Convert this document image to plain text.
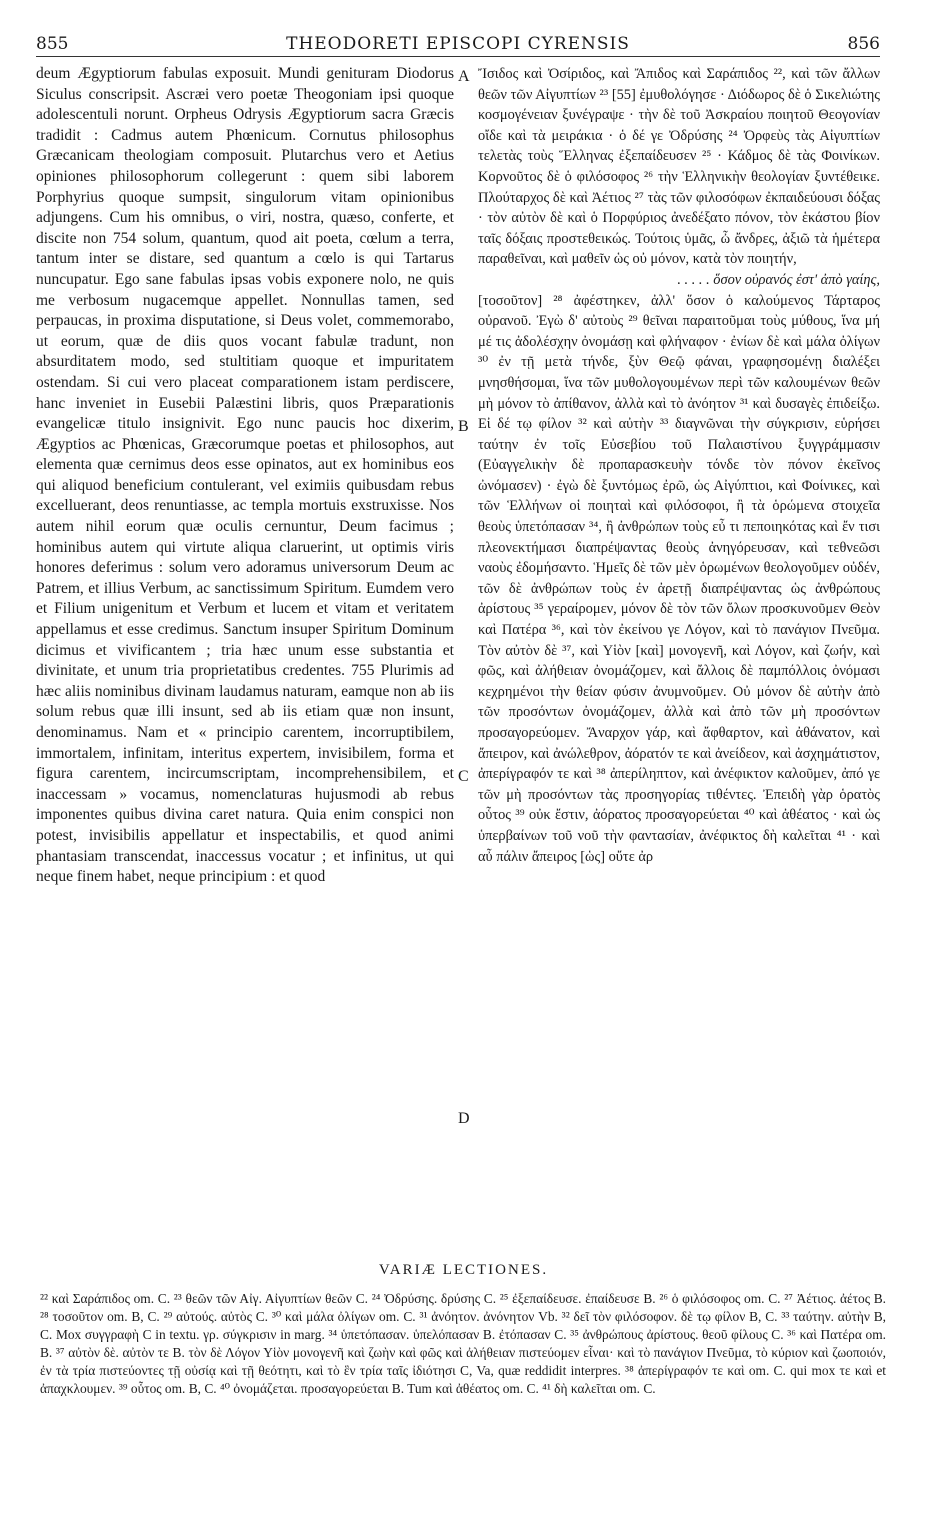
855	THEODORETI EPISCOPI CYRENSIS	856

deum Ægyptiorum fabulas exposuit. Mundi genituram Diodorus Siculus conscripsit. Ascræi vero poetæ Theogoniam ipsi quoque adolescentuli norunt. Orpheus Odrysis Ægyptiorum sacra Græcis tradidit : Cadmus autem Phœnicum. Cornutus philosophus Græcanicam theologiam composuit. Plutarchus vero et Aetius opiniones philosophorum collegerunt : quem sibi laborem Porphyrius quoque sumpsit, singulorum vitam opinionibus adjungens. Cum his omnibus, o viri, nostra, quæso, conferte, et discite non 754 solum, quantum, quod ait poeta, cœlum a terra, tantum inter se distare, sed quantum a cœlo is qui Tartarus nuncupatur. Ego sane fabulas ipsas vobis exponere nolo, ne quis me verbosum nugacemque appellet. Nonnullas tamen, sed perpaucas, in proxima disputatione, si Deus volet, commemorabo, ut eorum, quæ de diis quos vocant fabulæ tradunt, non absurditatem modo, sed stultitiam quoque et impuritatem ostendam. Si cui vero placeat comparationem istam perdiscere, hanc inveniet in Eusebii Palæstini libris, quos Præparationis evangelicæ titulo insignivit. Ego nunc paucis hoc dixerim, Ægyptios ac Phœnicas, Græcorumque poetas et philosophos, aut elementa quæ cernimus deos esse opinatos, aut ex hominibus eos qui aliquod beneficium contulerant, vel eximiis quibusdam rebus excelluerant, deos renuntiasse, ac templa mortuis exstruxisse. Nos autem nihil eorum quæ oculis cernuntur, Deum facimus ; hominibus autem qui virtute aliqua claruerint, ut optimis viris honores deferimus : solum vero adoramus universorum Deum ac Patrem, et illius Verbum, ac sanctissimum Spiritum. Eumdem vero et Filium unigenitum et Verbum et lucem et vitam et veritatem appellamus et esse credimus. Sanctum insuper Spiritum Dominum dicimus et vivificantem ; tria hæc unum esse substantia et divinitate, et unum tria proprietatibus credentes. 755 Plurimis ad hæc aliis nominibus divinam laudamus naturam, eamque non ab iis solum rebus quæ illi insunt, sed ab iis etiam quæ non insunt, denominamus. Nam et « principio carentem, incorruptibilem, immortalem, infinitam, interitus expertem, invisibilem, forma et figura carentem, incircumscriptam, incomprehensibilem, et inaccessam » vocamus, nomenclaturas hujusmodi ab rebus imponentes quibus divina caret natura. Quia enim conspici non potest, invisibilis appellatur et inspectabilis, et quod animi phantasiam transcendat, inaccessus vocatur ; et infinitus, ut qui neque finem habet, neque principium : et quod

A
B
C
D

Ἴσιδος καὶ Ὀσίριδος, καὶ Ἄπιδος καὶ Σαράπιδος ²², καὶ τῶν ἄλλων θεῶν τῶν Αἰγυπτίων ²³ [55] ἐμυθολόγησε · Διόδωρος δὲ ὁ Σικελιώτης κοσμογένειαν ξυνέγραψε · τὴν δὲ τοῦ Ἀσκραίου ποιητοῦ Θεογονίαν οἴδε καὶ τὰ μειράκια · ὁ δέ γε Ὀδρύσης ²⁴ Ὀρφεὺς τὰς Αἰγυπτίων τελετὰς τοὺς Ἕλληνας ἐξεπαίδευσεν ²⁵ · Κάδμος δὲ τὰς Φοινίκων. Κορνοῦτος δὲ ὁ φιλόσοφος ²⁶ τὴν Ἑλληνικὴν θεολογίαν ξυντέθεικε. Πλούταρχος δὲ καὶ Ἀέτιος ²⁷ τὰς τῶν φιλοσόφων ἐκπαιδεύουσι δόξας · τὸν αὐτὸν δὲ καὶ ὁ Πορφύριος ἀνεδέξατο πόνον, τὸν ἑκάστου βίον ταῖς δόξαις προστεθεικώς. Τούτοις ὑμᾶς, ὦ ἄνδρες, ἀξιῶ τὰ ἡμέτερα παραθεῖναι, καὶ μαθεῖν ὡς οὐ μόνον, κατὰ τὸν ποιητήν,

. . . . . ὅσον οὐρανός ἐστ' ἀπὸ γαίης,

[τοσοῦτον] ²⁸ ἀφέστηκεν, ἀλλ' ὅσον ὁ καλούμενος Τάρταρος οὐρανοῦ. Ἐγὼ δ' αὐτοὺς ²⁹ θεῖναι παραιτοῦμαι τοὺς μύθους, ἵνα μή μέ τις ἀδολέσχην ὀνομάσῃ καὶ φλήναφον · ἐνίων δὲ καὶ μάλα ὀλίγων ³⁰ ἐν τῇ μετὰ τήνδε, ξὺν Θεῷ φάναι, γραφησομένῃ διαλέξει μνησθήσομαι, ἵνα τῶν μυθολογουμένων περὶ τῶν καλουμένων θεῶν μὴ μόνον τὸ ἀπίθανον, ἀλλὰ καὶ τὸ ἀνόητον ³¹ καὶ δυσαγὲς ἐπιδείξω. Εἰ δέ τῳ φίλον ³² καὶ αὐτὴν ³³ διαγνῶναι τὴν σύγκρισιν, εὑρήσει ταύτην ἐν τοῖς Εὐσεβίου τοῦ Παλαιστίνου ξυγγράμμασιν (Εὐαγγελικὴν δὲ προπαρασκευὴν τόνδε τὸν πόνον ἐκεῖνος ὠνόμασεν) · ἐγὼ δὲ ξυντόμως ἐρῶ, ὡς Αἰγύπτιοι, καὶ Φοίνικες, καὶ τῶν Ἑλλήνων οἱ ποιηταὶ καὶ φιλόσοφοι, ἢ τὰ ὁρώμενα στοιχεῖα θεοὺς ὑπετόπασαν ³⁴, ἢ ἀνθρώπων τοὺς εὖ τι πεποιηκότας καὶ ἔν τισι πλεονεκτήμασι διαπρέψαντας θεοὺς ἀνηγόρευσαν, καὶ τεθνεῶσι ναοὺς ἐδομήσαντο. Ἡμεῖς δὲ τῶν μὲν ὁρωμένων θεολογοῦμεν οὐδέν, τῶν δὲ ἀνθρώπων τοὺς ἐν ἀρετῇ διαπρέψαντας ὡς ἀνθρώπους ἀρίστους ³⁵ γεραίρομεν, μόνον δὲ τὸν τῶν ὅλων προσκυνοῦμεν Θεὸν καὶ Πατέρα ³⁶, καὶ τὸν ἐκείνου γε Λόγον, καὶ τὸ πανάγιον Πνεῦμα. Τὸν αὐτὸν δὲ ³⁷, καὶ Υἱὸν [καὶ] μονογενῆ, καὶ Λόγον, καὶ ζωήν, καὶ φῶς, καὶ ἀλήθειαν ὀνομάζομεν, καὶ ἄλλοις δὲ παμπόλλοις ὀνόμασι κεχρημένοι τὴν θείαν φύσιν ἀνυμνοῦμεν. Οὐ μόνον δὲ αὐτὴν ἀπὸ τῶν προσόντων ὀνομάζομεν, ἀλλὰ καὶ ἀπὸ τῶν μὴ προσόντων προσαγορεύομεν. Ἄναρχον γάρ, καὶ ἄφθαρτον, καὶ ἀθάνατον, καὶ ἄπειρον, καὶ ἀνώλεθρον, ἀόρατόν τε καὶ ἀνείδεον, καὶ ἀσχημάτιστον, ἀπερίγραφόν τε καὶ ³⁸ ἀπερίληπτον, καὶ ἀνέφικτον καλοῦμεν, ἀπό γε τῶν μὴ προσόντων τὰς προσηγορίας τιθέντες. Ἐπειδὴ γὰρ ὁρατὸς οὗτος ³⁹ οὐκ ἔστιν, ἀόρατος προσαγορεύεται ⁴⁰ καὶ ἀθέατος · καὶ ὡς ὑπερβαίνων τοῦ νοῦ τὴν φαντασίαν, ἀνέφικτος δὴ καλεῖται ⁴¹ · καὶ αὖ πάλιν ἄπειρος [ὡς] οὔτε ἀρ

VARIÆ LECTIONES.

²² καὶ Σαράπιδος om. C. ²³ θεῶν τῶν Αἰγ. Αἰγυπτίων θεῶν C. ²⁴ Ὀδρύσης. δρύσης C. ²⁵ ἐξεπαίδευσε. ἐπαίδευσε B. ²⁶ ὁ φιλόσοφος om. C. ²⁷ Ἀέτιος. ἀέτος B. ²⁸ τοσοῦτον om. B, C. ²⁹ αὐτούς. αὐτὸς C. ³⁰ καὶ μάλα ὀλίγων om. C. ³¹ ἀνόητον. ἀνόνητον Vb. ³² δεῖ τὸν φιλόσοφον. δὲ τῳ φίλον B, C. ³³ ταύτην. αὐτὴν B, C. Mox συγγραφὴ C in textu. γρ. σύγκρισιν in marg. ³⁴ ὑπετόπασαν. ὑπελόπασαν B. ἐτόπασαν C. ³⁵ ἀνθρώπους ἀρίστους. θεοῦ φίλους C. ³⁶ καὶ Πατέρα om. B. ³⁷ αὐτὸν δὲ. αὐτὸν τε B. τὸν δὲ Λόγον Υἱὸν μονογενῆ καὶ ζωὴν καὶ φῶς καὶ ἀλήθειαν πιστεύομεν εἶναι· καὶ τὸ πανάγιον Πνεῦμα, τὸ κύριον καὶ ζωοποιόν, ἐν τὰ τρία πιστεύοντες τῇ οὐσίᾳ καὶ τῇ θεότητι, καὶ τὸ ἓν τρία ταῖς ἰδιότησι C, Va, quæ reddidit interpres. ³⁸ ἀπερίγραφόν τε καὶ om. C. qui mox τε καὶ et ἀπαχκλουμεν. ³⁹ οὗτος om. B, C. ⁴⁰ ὀνομάζεται. προσαγορεύεται B. Tum καὶ ἀθέατος om. C. ⁴¹ δὴ καλεῖται om. C.
